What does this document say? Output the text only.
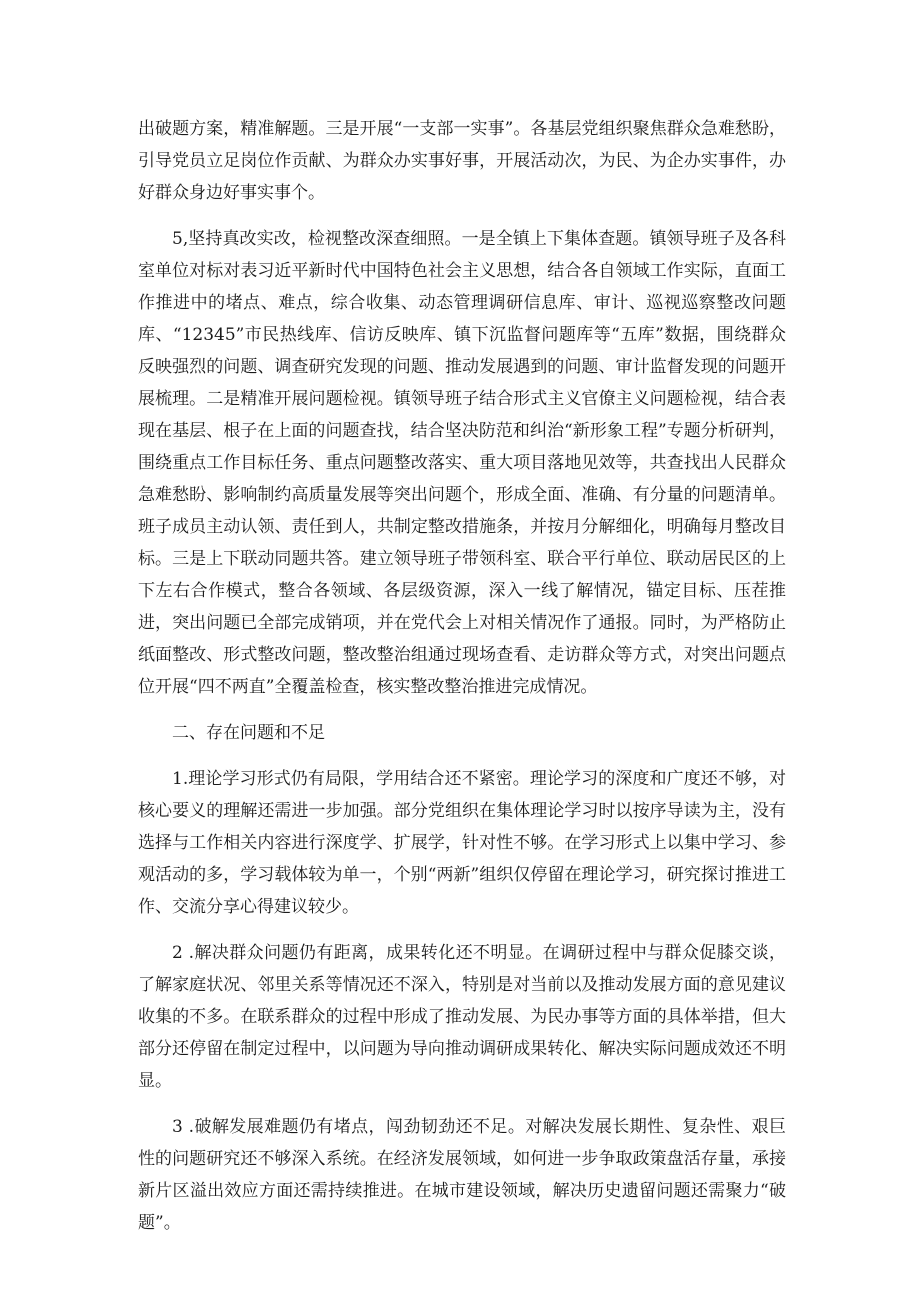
出破题方案，精准解题。三是开展“一支部一实事”。各基层党组织聚焦群众急难愁盼，引导党员立足岗位作贡献、为群众办实事好事，开展活动次，为民、为企办实事件，办好群众身边好事实事个。

5,坚持真改实改，检视整改深查细照。一是全镇上下集体查题。镇领导班子及各科室单位对标对表习近平新时代中国特色社会主义思想，结合各自领域工作实际，直面工作推进中的堵点、难点，综合收集、动态管理调研信息库、审计、巡视巡察整改问题库、“12345”市民热线库、信访反映库、镇下沉监督问题库等“五库”数据，围绕群众反映强烈的问题、调查研究发现的问题、推动发展遇到的问题、审计监督发现的问题开展梳理。二是精准开展问题检视。镇领导班子结合形式主义官僚主义问题检视，结合表现在基层、根子在上面的问题查找，结合坚决防范和纠治“新形象工程”专题分析研判，围绕重点工作目标任务、重点问题整改落实、重大项目落地见效等，共查找出人民群众急难愁盼、影响制约高质量发展等突出问题个，形成全面、准确、有分量的问题清单。班子成员主动认领、责任到人，共制定整改措施条，并按月分解细化，明确每月整改目标。三是上下联动同题共答。建立领导班子带领科室、联合平行单位、联动居民区的上下左右合作模式，整合各领域、各层级资源，深入一线了解情况，锚定目标、压茬推进，突出问题已全部完成销项，并在党代会上对相关情况作了通报。同时，为严格防止纸面整改、形式整改问题，整改整治组通过现场查看、走访群众等方式，对突出问题点位开展“四不两直”全覆盖检查，核实整改整治推进完成情况。

二、存在问题和不足

1.理论学习形式仍有局限，学用结合还不紧密。理论学习的深度和广度还不够，对核心要义的理解还需进一步加强。部分党组织在集体理论学习时以按序导读为主，没有选择与工作相关内容进行深度学、扩展学，针对性不够。在学习形式上以集中学习、参观活动的多，学习载体较为单一，个别“两新”组织仅停留在理论学习，研究探讨推进工作、交流分享心得建议较少。

2 .解决群众问题仍有距离，成果转化还不明显。在调研过程中与群众促膝交谈，了解家庭状况、邻里关系等情况还不深入，特别是对当前以及推动发展方面的意见建议收集的不多。在联系群众的过程中形成了推动发展、为民办事等方面的具体举措，但大部分还停留在制定过程中，以问题为导向推动调研成果转化、解决实际问题成效还不明显。

3 .破解发展难题仍有堵点，闯劲韧劲还不足。对解决发展长期性、复杂性、艰巨性的问题研究还不够深入系统。在经济发展领域，如何进一步争取政策盘活存量，承接新片区溢出效应方面还需持续推进。在城市建设领域，解决历史遗留问题还需聚力“破题”。
